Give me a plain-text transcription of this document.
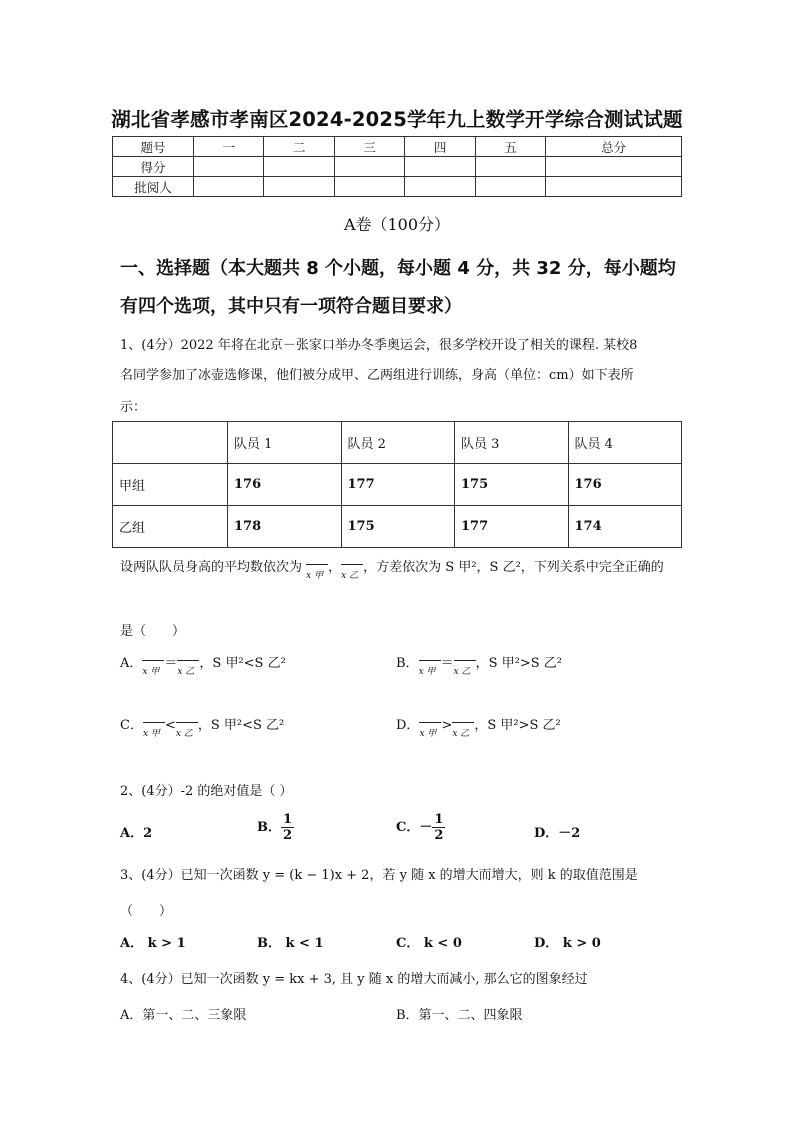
湖北省孝感市孝南区2024-2025学年九上数学开学综合测试试题
题号	一	二	三	四	五	总分
得分						
批阅人						
A卷（100分）
一、选择题（本大题共 8 个小题，每小题 4 分，共 32 分，每小题均
有四个选项，其中只有一项符合题目要求）
1、(4分）2022 年将在北京－张家口举办冬季奥运会，很多学校开设了相关的课程. 某校8
名同学参加了冰壶选修课，他们被分成甲、乙两组进行训练，身高（单位：cm）如下表所
示：
	队员 1	队员 2	队员 3	队员 4
甲组	176	177	175	176
乙组	178	175	177	174
设两队队员身高的平均数依次为
x 甲
，
x 乙
，方差依次为 S 甲²，S 乙²，下列关系中完全正确的
是（　　）
A．
x 甲
＝
x 乙
，S 甲²<S 乙²	B．
x 甲
＝
x 乙
，S 甲²>S 乙²
C．
x 甲
<
x 乙
，S 甲²<S 乙²	D．
x 甲
>
x 乙
，S 甲²>S 乙²
2、(4分）-2 的绝对值是（ ）
A．2	B． $\frac{1}{2}$	C．－ $\frac{1}{2}$	D．－2
3、(4分）已知一次函数 y = (k − 1)x + 2，若 y 随 x 的增大而增大，则 k 的取值范围是
（　　）
A． k > 1	B． k < 1	C． k < 0	D． k > 0
4、(4分）已知一次函数 y = kx + 3, 且 y 随 x 的增大而减小, 那么它的图象经过
A．第一、二、三象限	B．第一、二、四象限
